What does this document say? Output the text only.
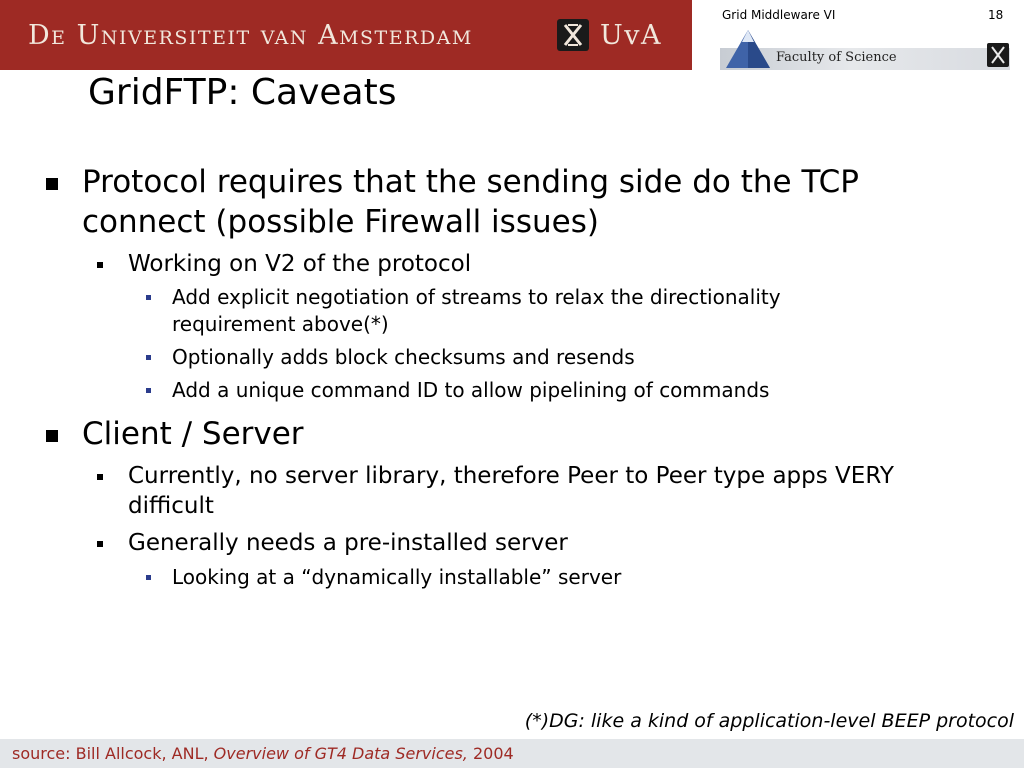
De Universiteit van Amsterdam	UvA
Grid Middleware VI	18
Faculty of Science
GridFTP: Caveats
Protocol requires that the sending side do the TCP connect (possible Firewall issues)
Working on V2 of the protocol
Add explicit negotiation of streams to relax the directionality requirement above(*)
Optionally adds block checksums and resends
Add a unique command ID to allow pipelining of commands
Client / Server
Currently, no server library, therefore Peer to Peer type apps VERY difficult
Generally needs a pre-installed server
Looking at a “dynamically installable” server
(*)DG: like a kind of application-level BEEP protocol
source: Bill Allcock, ANL, Overview of GT4 Data Services, 2004
